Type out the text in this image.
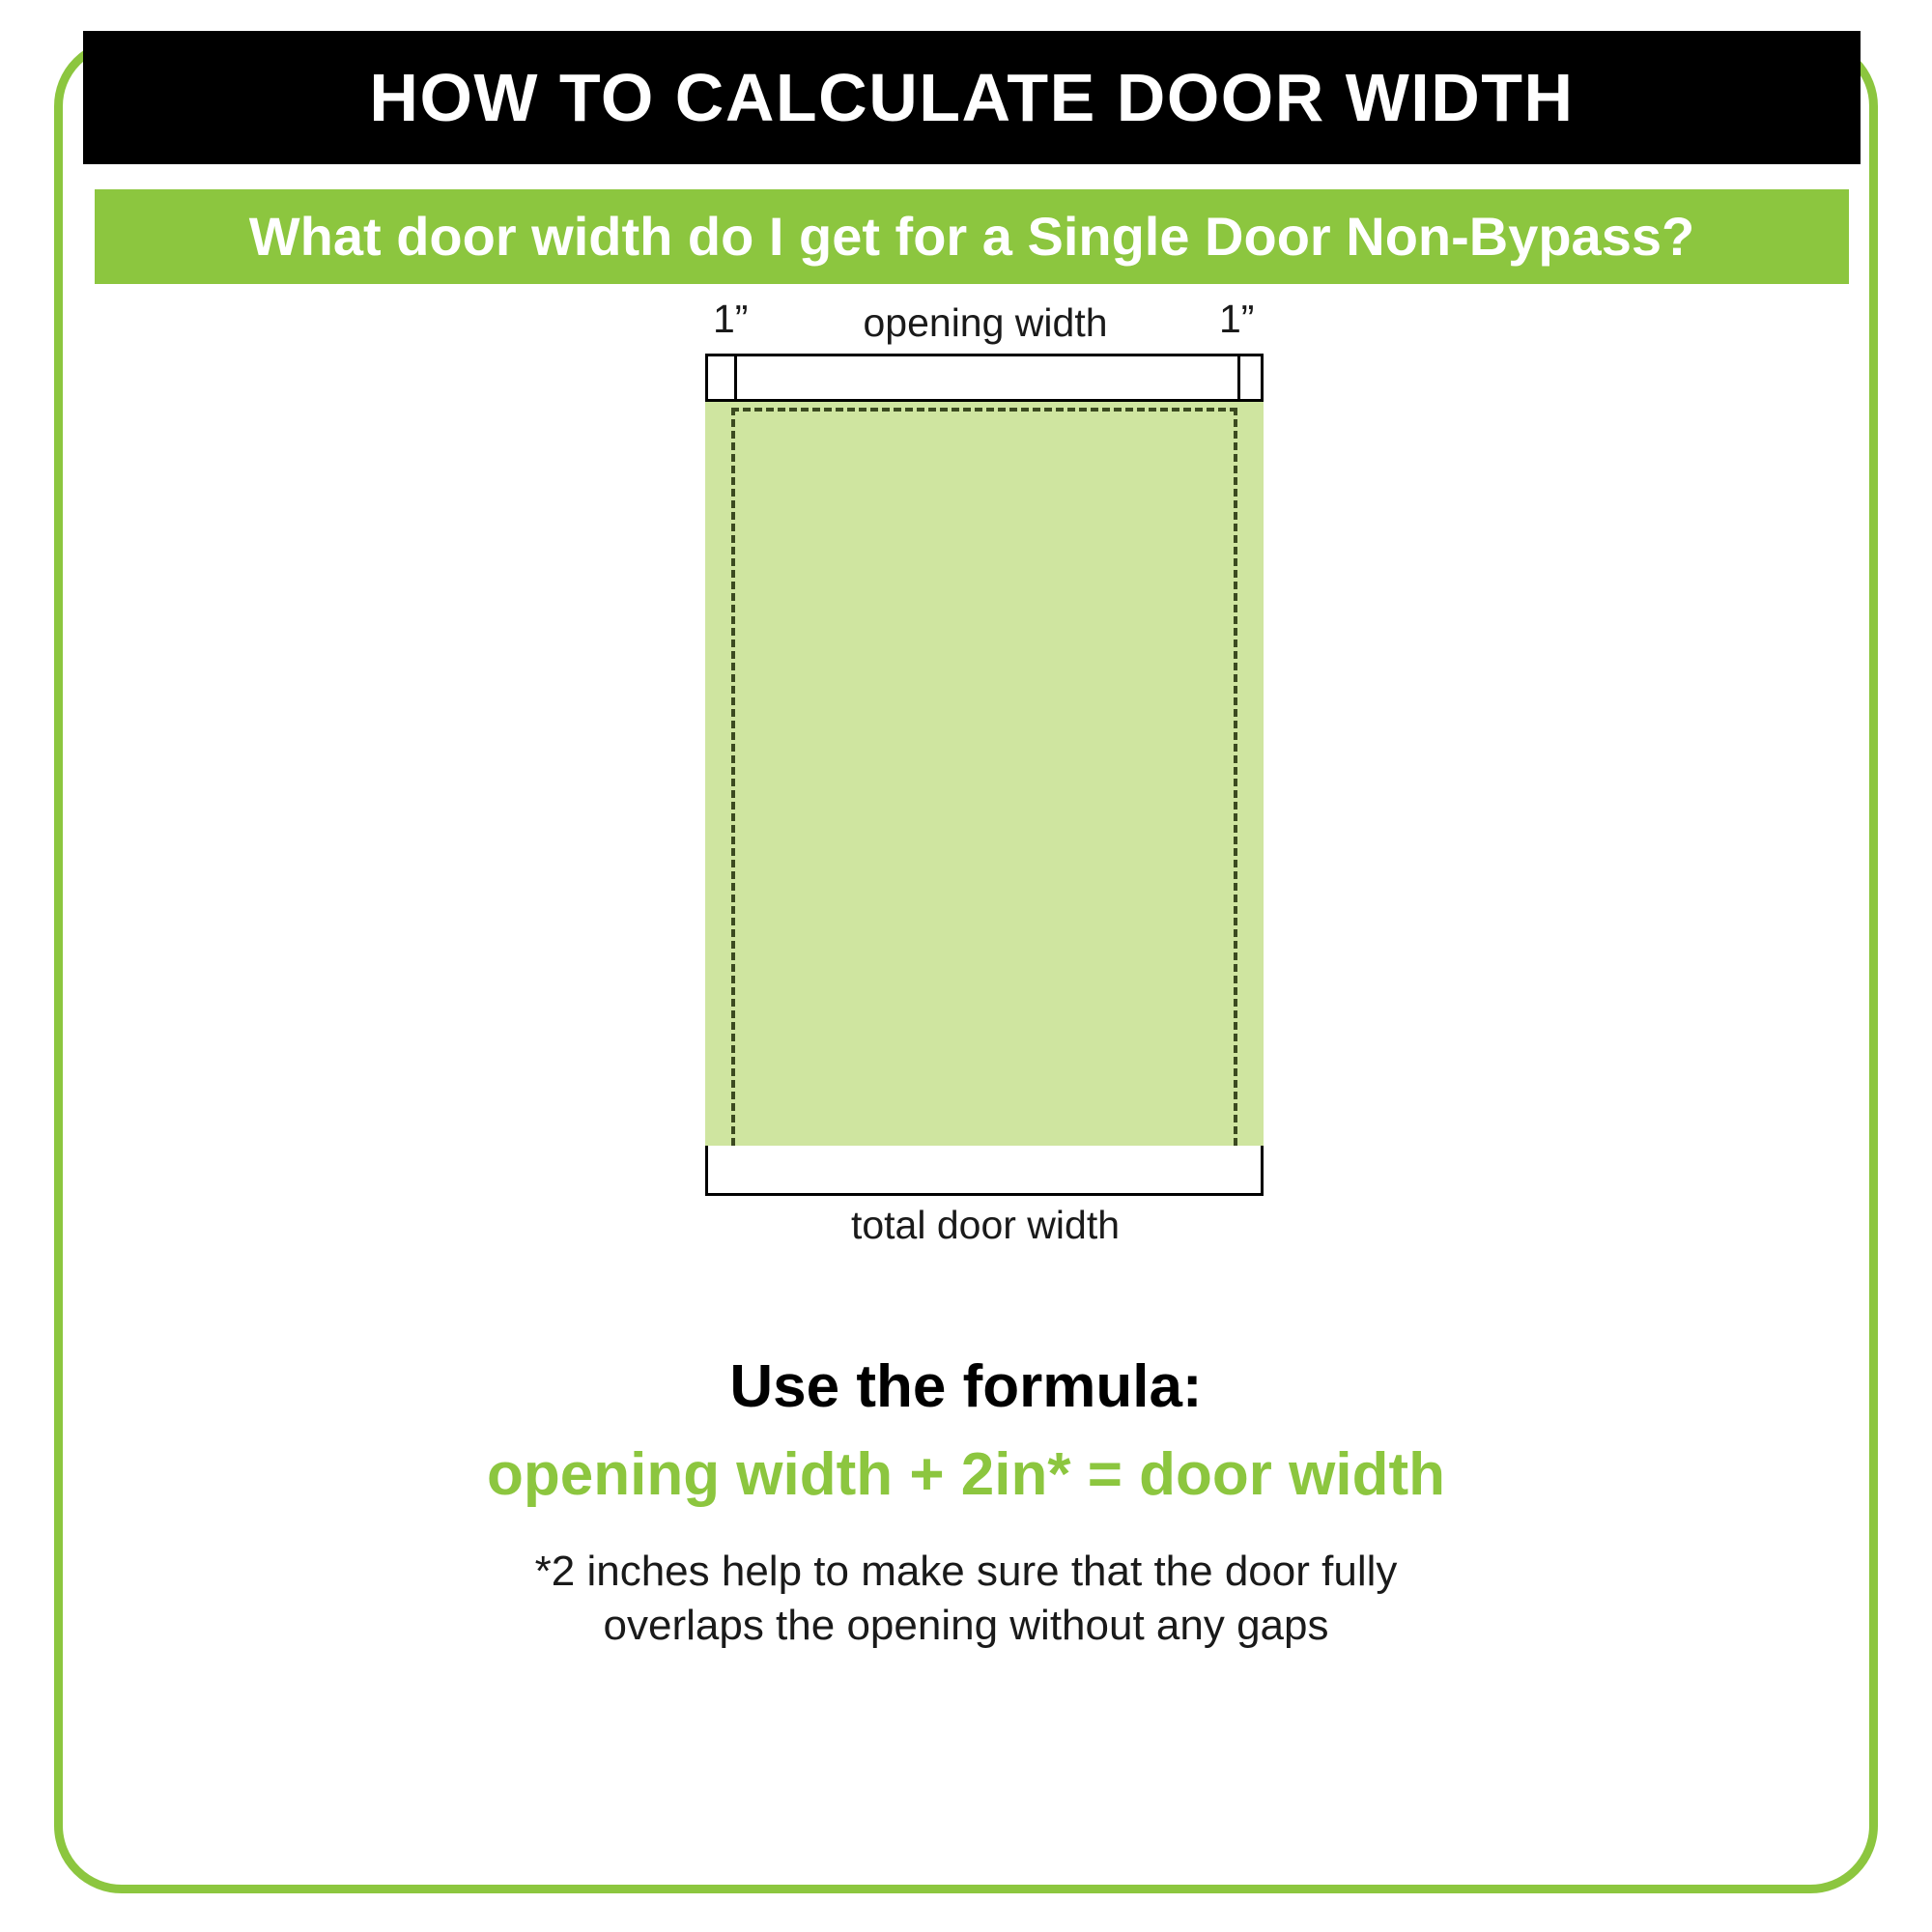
HOW TO CALCULATE DOOR WIDTH
What door width do I get for a Single Door Non-Bypass?
1”	1”
opening width
total door width
Use the formula:
opening width + 2in* = door width
*2 inches help to make sure that the door fully
overlaps the opening without any gaps
